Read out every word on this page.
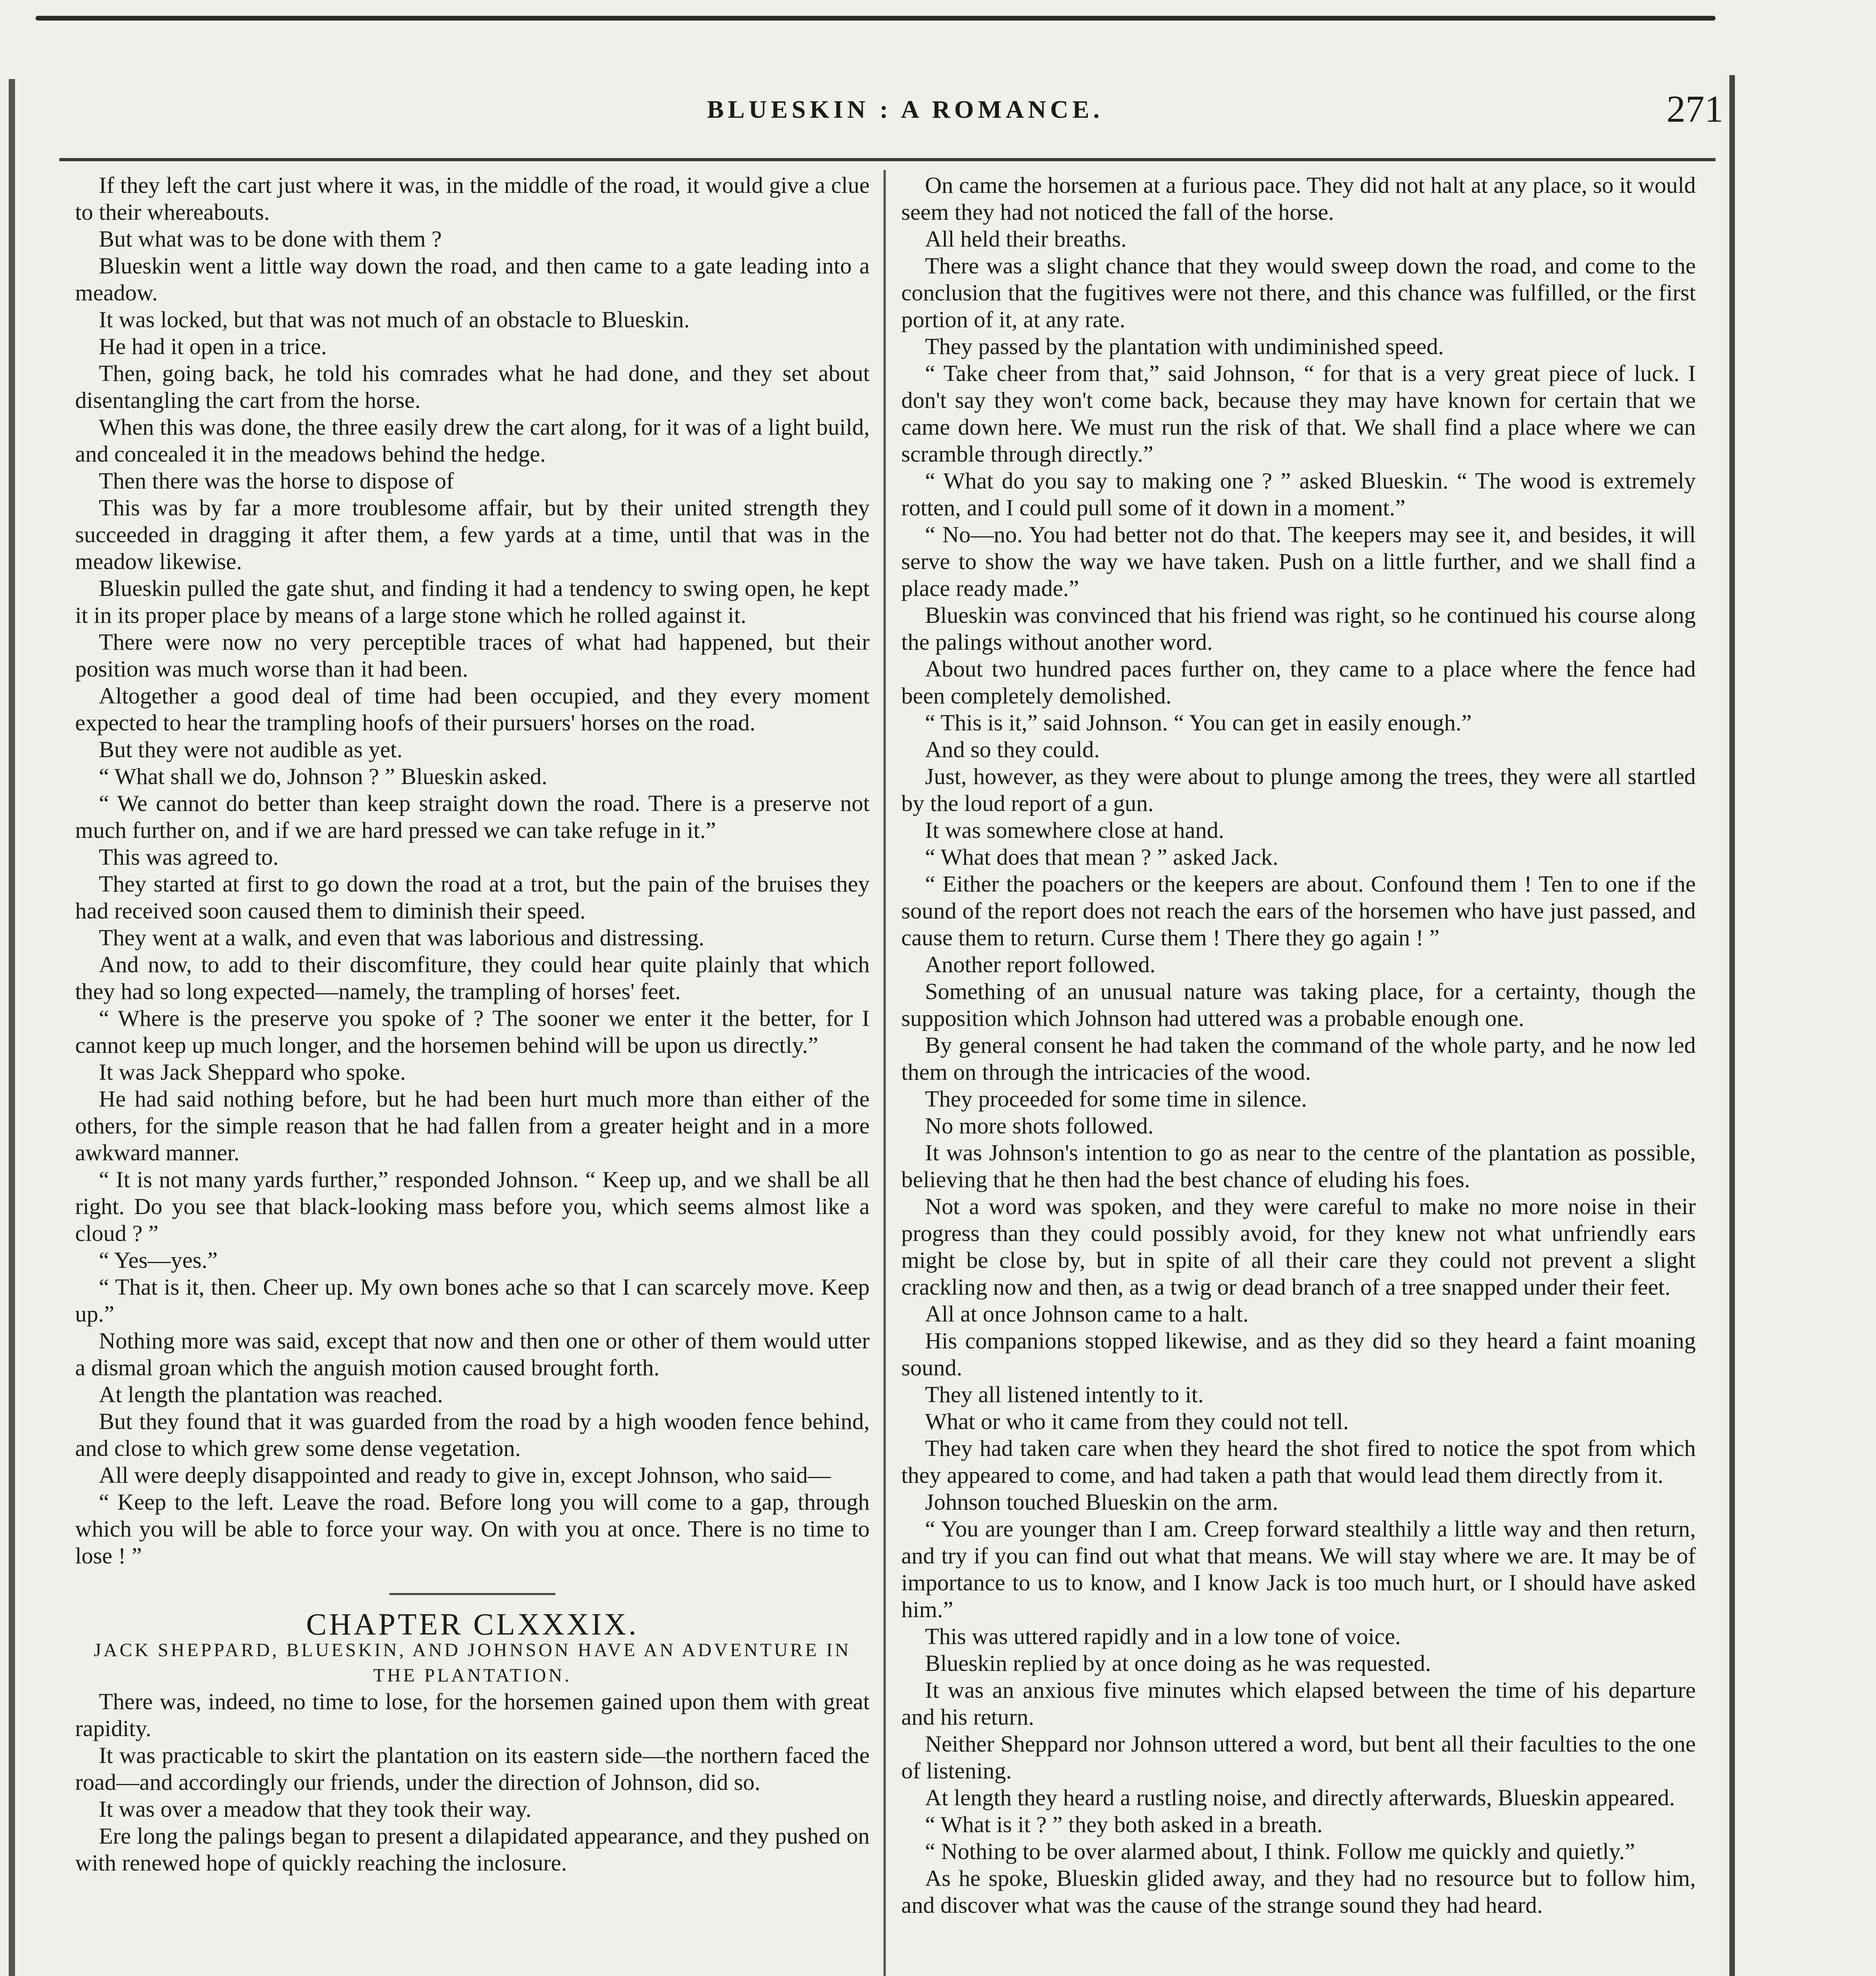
BLUESKIN : A ROMANCE.	271

If they left the cart just where it was, in the middle of the road, it would give a clue to their whereabouts.

But what was to be done with them ?

Blueskin went a little way down the road, and then came to a gate leading into a meadow.

It was locked, but that was not much of an obstacle to Blueskin.

He had it open in a trice.

Then, going back, he told his comrades what he had done, and they set about disentangling the cart from the horse.

When this was done, the three easily drew the cart along, for it was of a light build, and concealed it in the meadows behind the hedge.

Then there was the horse to dispose of

This was by far a more troublesome affair, but by their united strength they succeeded in dragging it after them, a few yards at a time, until that was in the meadow likewise.

Blueskin pulled the gate shut, and finding it had a tendency to swing open, he kept it in its proper place by means of a large stone which he rolled against it.

There were now no very perceptible traces of what had happened, but their position was much worse than it had been.

Altogether a good deal of time had been occupied, and they every moment expected to hear the trampling hoofs of their pursuers' horses on the road.

But they were not audible as yet.

“ What shall we do, Johnson ? ” Blueskin asked.

“ We cannot do better than keep straight down the road. There is a preserve not much further on, and if we are hard pressed we can take refuge in it.”

This was agreed to.

They started at first to go down the road at a trot, but the pain of the bruises they had received soon caused them to diminish their speed.

They went at a walk, and even that was laborious and distressing.

And now, to add to their discomfiture, they could hear quite plainly that which they had so long expected—namely, the trampling of horses' feet.

“ Where is the preserve you spoke of ? The sooner we enter it the better, for I cannot keep up much longer, and the horsemen behind will be upon us directly.”

It was Jack Sheppard who spoke.

He had said nothing before, but he had been hurt much more than either of the others, for the simple reason that he had fallen from a greater height and in a more awkward manner.

“ It is not many yards further,” responded Johnson. “ Keep up, and we shall be all right. Do you see that black-looking mass before you, which seems almost like a cloud ? ”

“ Yes—yes.”

“ That is it, then. Cheer up. My own bones ache so that I can scarcely move. Keep up.”

Nothing more was said, except that now and then one or other of them would utter a dismal groan which the anguish motion caused brought forth.

At length the plantation was reached.

But they found that it was guarded from the road by a high wooden fence behind, and close to which grew some dense vegetation.

All were deeply disappointed and ready to give in, except Johnson, who said—

“ Keep to the left. Leave the road. Before long you will come to a gap, through which you will be able to force your way. On with you at once. There is no time to lose ! ”

CHAPTER CLXXXIX.

JACK SHEPPARD, BLUESKIN, AND JOHNSON HAVE AN ADVENTURE IN THE PLANTATION.

There was, indeed, no time to lose, for the horsemen gained upon them with great rapidity.

It was practicable to skirt the plantation on its eastern side—the northern faced the road—and accordingly our friends, under the direction of Johnson, did so.

It was over a meadow that they took their way.

Ere long the palings began to present a dilapidated appearance, and they pushed on with renewed hope of quickly reaching the inclosure.

On came the horsemen at a furious pace. They did not halt at any place, so it would seem they had not noticed the fall of the horse.

All held their breaths.

There was a slight chance that they would sweep down the road, and come to the conclusion that the fugitives were not there, and this chance was fulfilled, or the first portion of it, at any rate.

They passed by the plantation with undiminished speed.

“ Take cheer from that,” said Johnson, “ for that is a very great piece of luck. I don't say they won't come back, because they may have known for certain that we came down here. We must run the risk of that. We shall find a place where we can scramble through directly.”

“ What do you say to making one ? ” asked Blueskin. “ The wood is extremely rotten, and I could pull some of it down in a moment.”

“ No—no. You had better not do that. The keepers may see it, and besides, it will serve to show the way we have taken. Push on a little further, and we shall find a place ready made.”

Blueskin was convinced that his friend was right, so he continued his course along the palings without another word.

About two hundred paces further on, they came to a place where the fence had been completely demolished.

“ This is it,” said Johnson. “ You can get in easily enough.”

And so they could.

Just, however, as they were about to plunge among the trees, they were all startled by the loud report of a gun.

It was somewhere close at hand.

“ What does that mean ? ” asked Jack.

“ Either the poachers or the keepers are about. Confound them ! Ten to one if the sound of the report does not reach the ears of the horsemen who have just passed, and cause them to return. Curse them ! There they go again ! ”

Another report followed.

Something of an unusual nature was taking place, for a certainty, though the supposition which Johnson had uttered was a probable enough one.

By general consent he had taken the command of the whole party, and he now led them on through the intricacies of the wood.

They proceeded for some time in silence.

No more shots followed.

It was Johnson's intention to go as near to the centre of the plantation as possible, believing that he then had the best chance of eluding his foes.

Not a word was spoken, and they were careful to make no more noise in their progress than they could possibly avoid, for they knew not what unfriendly ears might be close by, but in spite of all their care they could not prevent a slight crackling now and then, as a twig or dead branch of a tree snapped under their feet.

All at once Johnson came to a halt.

His companions stopped likewise, and as they did so they heard a faint moaning sound.

They all listened intently to it.

What or who it came from they could not tell.

They had taken care when they heard the shot fired to notice the spot from which they appeared to come, and had taken a path that would lead them directly from it.

Johnson touched Blueskin on the arm.

“ You are younger than I am. Creep forward stealthily a little way and then return, and try if you can find out what that means. We will stay where we are. It may be of importance to us to know, and I know Jack is too much hurt, or I should have asked him.”

This was uttered rapidly and in a low tone of voice.

Blueskin replied by at once doing as he was requested.

It was an anxious five minutes which elapsed between the time of his departure and his return.

Neither Sheppard nor Johnson uttered a word, but bent all their faculties to the one of listening.

At length they heard a rustling noise, and directly afterwards, Blueskin appeared.

“ What is it ? ” they both asked in a breath.

“ Nothing to be over alarmed about, I think. Follow me quickly and quietly.”

As he spoke, Blueskin glided away, and they had no resource but to follow him, and discover what was the cause of the strange sound they had heard.
